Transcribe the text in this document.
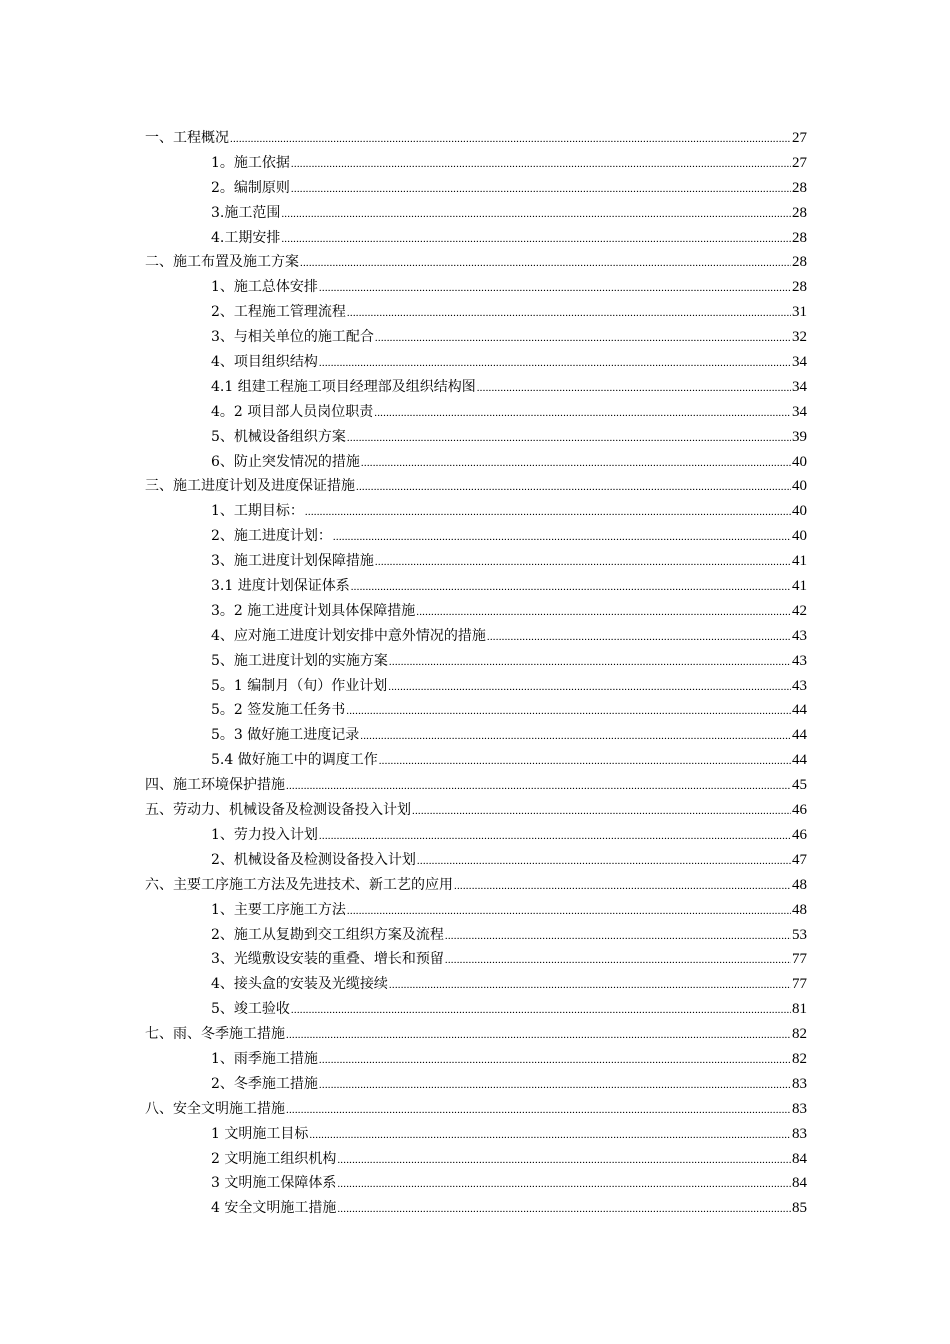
一、工程概况 .....	27
1。施工依据 .....	27
2。编制原则 .....	28
3.施工范围 .....	28
4.工期安排 .....	28
二、施工布置及施工方案 .....	28
1、施工总体安排 .....	28
2、工程施工管理流程 .....	31
3、与相关单位的施工配合 .....	32
4、项目组织结构 .....	34
4.1 组建工程施工项目经理部及组织结构图 .....	34
4。2 项目部人员岗位职责 .....	34
5、机械设备组织方案 .....	39
6、防止突发情况的措施 .....	40
三、施工进度计划及进度保证措施 .....	40
1、工期目标： .....	40
2、施工进度计划： .....	40
3、施工进度计划保障措施 .....	41
3.1 进度计划保证体系 .....	41
3。2 施工进度计划具体保障措施 .....	42
4、应对施工进度计划安排中意外情况的措施 .....	43
5、施工进度计划的实施方案 .....	43
5。1 编制月（旬）作业计划 .....	43
5。2 签发施工任务书 .....	44
5。3 做好施工进度记录 .....	44
5.4 做好施工中的调度工作 .....	44
四、施工环境保护措施 .....	45
五、劳动力、机械设备及检测设备投入计划 .....	46
1、劳力投入计划 .....	46
2、机械设备及检测设备投入计划 .....	47
六、主要工序施工方法及先进技术、新工艺的应用 .....	48
1、主要工序施工方法 .....	48
2、施工从复勘到交工组织方案及流程 .....	53
3、光缆敷设安装的重叠、增长和预留 .....	77
4、接头盒的安装及光缆接续 .....	77
5、竣工验收 .....	81
七、雨、冬季施工措施 .....	82
1、雨季施工措施 .....	82
2、冬季施工措施 .....	83
八、安全文明施工措施 .....	83
1 文明施工目标 .....	83
2 文明施工组织机构 .....	84
3 文明施工保障体系 .....	84
4 安全文明施工措施 .....	85
